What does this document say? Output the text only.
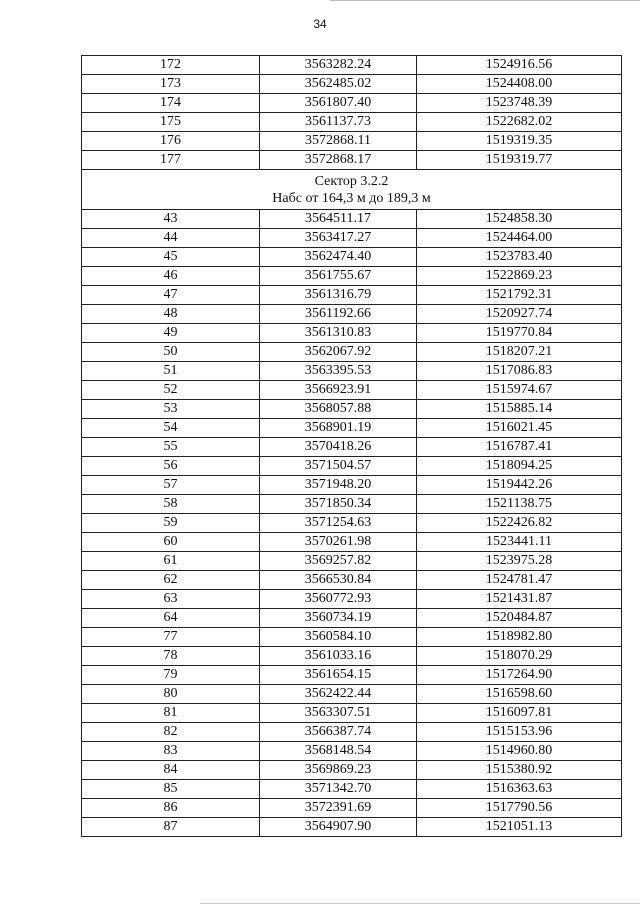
34
172	3563282.24	1524916.56
173	3562485.02	1524408.00
174	3561807.40	1523748.39
175	3561137.73	1522682.02
176	3572868.11	1519319.35
177	3572868.17	1519319.77

Сектор 3.2.2
Набс от 164,3 м до 189,3 м		

43	3564511.17	1524858.30
44	3563417.27	1524464.00
45	3562474.40	1523783.40
46	3561755.67	1522869.23
47	3561316.79	1521792.31
48	3561192.66	1520927.74
49	3561310.83	1519770.84
50	3562067.92	1518207.21
51	3563395.53	1517086.83
52	3566923.91	1515974.67
53	3568057.88	1515885.14
54	3568901.19	1516021.45
55	3570418.26	1516787.41
56	3571504.57	1518094.25
57	3571948.20	1519442.26
58	3571850.34	1521138.75
59	3571254.63	1522426.82
60	3570261.98	1523441.11
61	3569257.82	1523975.28
62	3566530.84	1524781.47
63	3560772.93	1521431.87
64	3560734.19	1520484.87
77	3560584.10	1518982.80
78	3561033.16	1518070.29
79	3561654.15	1517264.90
80	3562422.44	1516598.60
81	3563307.51	1516097.81
82	3566387.74	1515153.96
83	3568148.54	1514960.80
84	3569869.23	1515380.92
85	3571342.70	1516363.63
86	3572391.69	1517790.56
87	3564907.90	1521051.13
